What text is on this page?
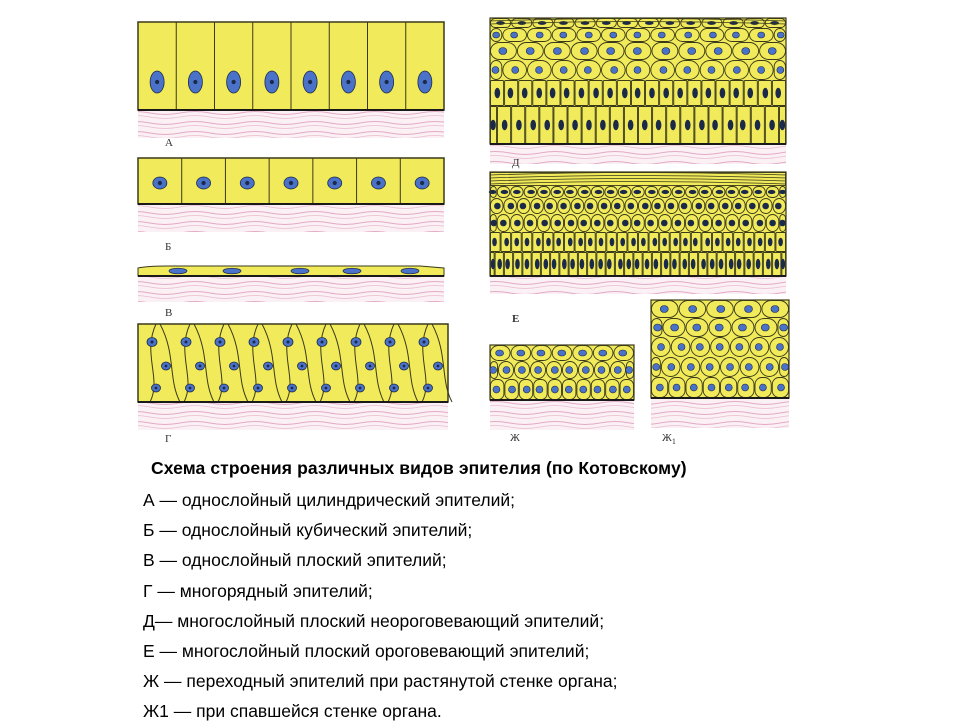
А
Б
В
Г
Д
Е
Ж	$Ж_1$
Схема строения различных видов эпителия (по Котовскому)
А — однослойный цилиндрический эпителий;
Б — однослойный кубический эпителий;
В — однослойный плоский эпителий;
Г — многорядный эпителий;
Д— многослойный плоский неороговевающий эпителий;
Е — многослойный плоский ороговевающий эпителий;
Ж — переходный эпителий при растянутой стенке органа;
Ж1 — при спавшейся стенке органа.
